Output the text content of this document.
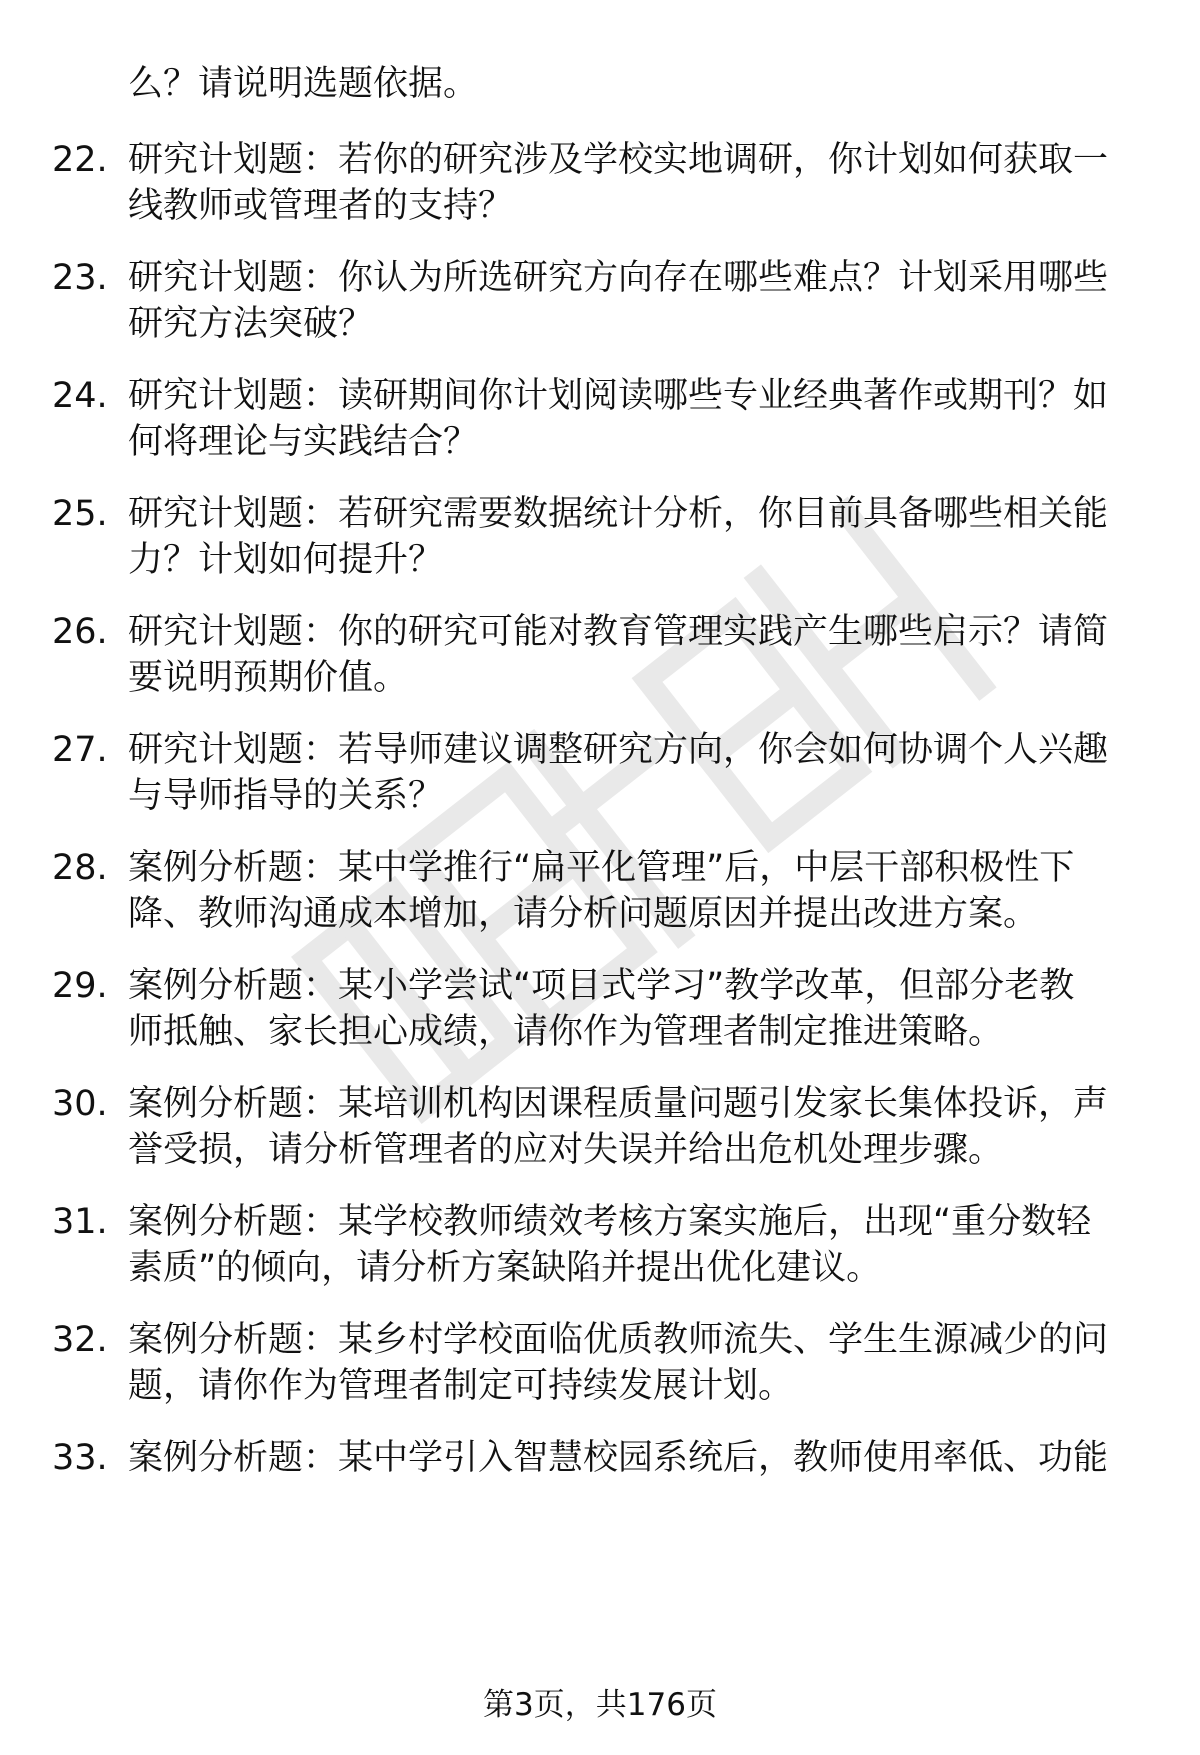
么？请说明选题依据。
22. 研究计划题：若你的研究涉及学校实地调研，你计划如何获取一
线教师或管理者的支持？
23. 研究计划题：你认为所选研究方向存在哪些难点？计划采用哪些
研究方法突破？
24. 研究计划题：读研期间你计划阅读哪些专业经典著作或期刊？如
何将理论与实践结合？
25. 研究计划题：若研究需要数据统计分析，你目前具备哪些相关能
力？计划如何提升？
26. 研究计划题：你的研究可能对教育管理实践产生哪些启示？请简
要说明预期价值。
27. 研究计划题：若导师建议调整研究方向，你会如何协调个人兴趣
与导师指导的关系？
28. 案例分析题：某中学推行“扁平化管理”后，中层干部积极性下
降、教师沟通成本增加，请分析问题原因并提出改进方案。
29. 案例分析题：某小学尝试“项目式学习”教学改革，但部分老教
师抵触、家长担心成绩，请你作为管理者制定推进策略。
30. 案例分析题：某培训机构因课程质量问题引发家长集体投诉，声
誉受损，请分析管理者的应对失误并给出危机处理步骤。
31. 案例分析题：某学校教师绩效考核方案实施后，出现“重分数轻
素质”的倾向，请分析方案缺陷并提出优化建议。
32. 案例分析题：某乡村学校面临优质教师流失、学生生源减少的问
题，请你作为管理者制定可持续发展计划。
33. 案例分析题：某中学引入智慧校园系统后，教师使用率低、功能
第3页，共176页
